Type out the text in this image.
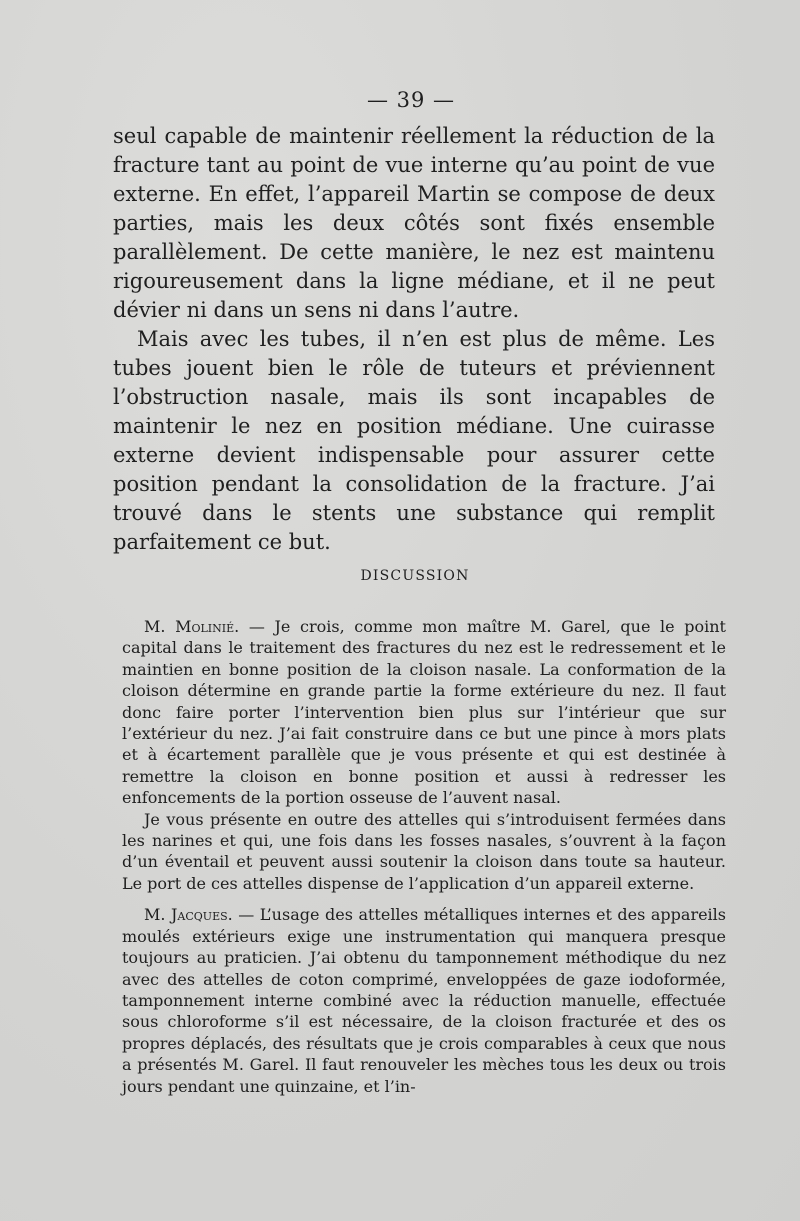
— 39 —

seul capable de maintenir réellement la réduction de la fracture tant au point de vue interne qu’au point de vue externe. En effet, l’appareil Martin se compose de deux parties, mais les deux côtés sont fixés ensemble parallèlement. De cette manière, le nez est maintenu rigoureusement dans la ligne médiane, et il ne peut dévier ni dans un sens ni dans l’autre.

Mais avec les tubes, il n’en est plus de même. Les tubes jouent bien le rôle de tuteurs et préviennent l’obstruction nasale, mais ils sont incapables de maintenir le nez en position médiane. Une cuirasse externe devient indispensable pour assurer cette position pendant la consolidation de la fracture. J’ai trouvé dans le stents une substance qui remplit parfaitement ce but.

DISCUSSION

M. Molinié. — Je crois, comme mon maître M. Garel, que le point capital dans le traitement des fractures du nez est le redressement et le maintien en bonne position de la cloison nasale. La conformation de la cloison détermine en grande partie la forme extérieure du nez. Il faut donc faire porter l’intervention bien plus sur l’intérieur que sur l’extérieur du nez. J’ai fait construire dans ce but une pince à mors plats et à écartement parallèle que je vous présente et qui est destinée à remettre la cloison en bonne position et aussi à redresser les enfoncements de la portion osseuse de l’auvent nasal.

Je vous présente en outre des attelles qui s’introduisent fermées dans les narines et qui, une fois dans les fosses nasales, s’ouvrent à la façon d’un éventail et peuvent aussi soutenir la cloison dans toute sa hauteur. Le port de ces attelles dispense de l’application d’un appareil externe.

M. Jacques. — L’usage des attelles métalliques internes et des appareils moulés extérieurs exige une instrumentation qui manquera presque toujours au praticien. J’ai obtenu du tamponnement méthodique du nez avec des attelles de coton comprimé, enveloppées de gaze iodoformée, tamponnement interne combiné avec la réduction manuelle, effectuée sous chloroforme s’il est nécessaire, de la cloison fracturée et des os propres déplacés, des résultats que je crois comparables à ceux que nous a présentés M. Garel. Il faut renouveler les mèches tous les deux ou trois jours pendant une quinzaine, et l’in-
